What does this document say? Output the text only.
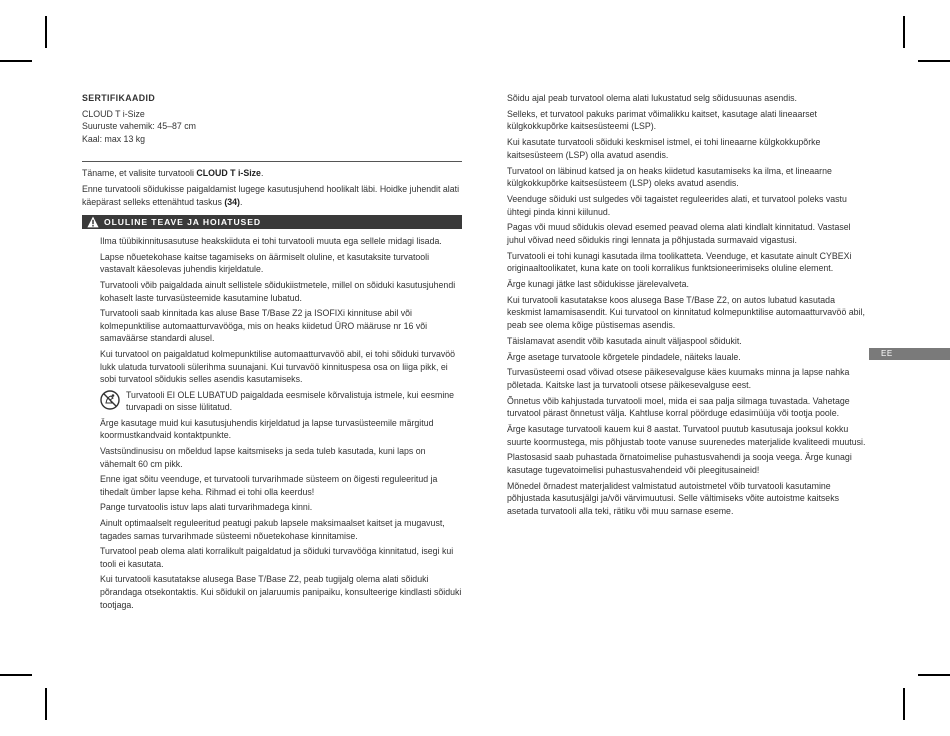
SERTIFIKAADID

CLOUD T i-Size

Suuruste vahemik: 45–87 cm

Kaal: max 13 kg

Täname, et valisite turvatooli CLOUD T i-Size.

Enne turvatooli sõidukisse paigaldamist lugege kasutusjuhend hoolikalt läbi. Hoidke juhendit alati käepärast selleks ettenähtud taskus (34).

OLULINE TEAVE JA HOIATUSED

Ilma tüübikinnitusasutuse heakskiiduta ei tohi turvatooli muuta ega sellele midagi lisada.

Lapse nõuetekohase kaitse tagamiseks on äärmiselt oluline, et kasutaksite turvatooli vastavalt käesolevas juhendis kirjeldatule.

Turvatooli võib paigaldada ainult sellistele sõidukiistmetele, millel on sõiduki kasutusjuhendi kohaselt laste turvasüsteemide kasutamine lubatud.

Turvatooli saab kinnitada kas aluse Base T/Base Z2 ja ISOFIXi kinnituse abil või kolmepunktilise automaatturvavööga, mis on heaks kiidetud ÜRO määruse nr 16 või samaväärse standardi alusel.

Kui turvatool on paigaldatud kolmepunktilise automaatturvavöö abil, ei tohi sõiduki turvavöö lukk ulatuda turvatooli sülerihma suunajani. Kui turvavöö kinnituspesa osa on liiga pikk, ei sobi turvatool sõidukis selles asendis kasutamiseks.

Turvatooli EI OLE LUBATUD paigaldada eesmisele kõrvalistuja istmele, kui eesmine turvapadi on sisse lülitatud.

Ärge kasutage muid kui kasutusjuhendis kirjeldatud ja lapse turvasüsteemile märgitud koormustkandvaid kontaktpunkte.

Vastsündinusisu on mõeldud lapse kaitsmiseks ja seda tuleb kasutada, kuni laps on vähemalt 60 cm pikk.

Enne igat sõitu veenduge, et turvatooli turvarihmade süsteem on õigesti reguleeritud ja tihedalt ümber lapse keha. Rihmad ei tohi olla keerdus!

Pange turvatoolis istuv laps alati turvarihmadega kinni.

Ainult optimaalselt reguleeritud peatugi pakub lapsele maksimaalset kaitset ja mugavust, tagades samas turvarihmade süsteemi nõuetekohase kinnitamise.

Turvatool peab olema alati korralikult paigaldatud ja sõiduki turvavööga kinnitatud, isegi kui tooli ei kasutata.

Kui turvatooli kasutatakse alusega Base T/Base Z2, peab tugijalg olema alati sõiduki põrandaga otsekontaktis. Kui sõidukil on jalaruumis panipaiku, konsulteerige kindlasti sõiduki tootjaga.

Sõidu ajal peab turvatool olema alati lukustatud selg sõidusuunas asendis.

Selleks, et turvatool pakuks parimat võimalikku kaitset, kasutage alati lineaarset külgkokkupõrke kaitsesüsteemi (LSP).

Kui kasutate turvatooli sõiduki keskmisel istmel, ei tohi lineaarne külgkokkupõrke kaitsesüsteem (LSP) olla avatud asendis.

Turvatool on läbinud katsed ja on heaks kiidetud kasutamiseks ka ilma, et lineaarne külgkokkupõrke kaitsesüsteem (LSP) oleks avatud asendis.

Veenduge sõiduki ust sulgedes või tagaistet reguleerides alati, et turvatool poleks vastu ühtegi pinda kinni kiilunud.

Pagas või muud sõidukis olevad esemed peavad olema alati kindlalt kinnitatud. Vastasel juhul võivad need sõidukis ringi lennata ja põhjustada surmavaid vigastusi.

Turvatooli ei tohi kunagi kasutada ilma toolikatteta. Veenduge, et kasutate ainult CYBEXi originaaltoolikatet, kuna kate on tooli korralikus funktsioneerimiseks oluline element.

Ärge kunagi jätke last sõidukisse järelevalveta.

Kui turvatooli kasutatakse koos alusega Base T/Base Z2, on autos lubatud kasutada keskmist lamamisasendit. Kui turvatool on kinnitatud kolmepunktilise automaatturvavöö abil, peab see olema kõige püstisemas asendis.

Täislamavat asendit võib kasutada ainult väljaspool sõidukit.

Ärge asetage turvatoole kõrgetele pindadele, näiteks lauale.

Turvasüsteemi osad võivad otsese päikesevalguse käes kuumaks minna ja lapse nahka põletada. Kaitske last ja turvatooli otsese päikesevalguse eest.

Õnnetus võib kahjustada turvatooli moel, mida ei saa palja silmaga tuvastada. Vahetage turvatool pärast õnnetust välja. Kahtluse korral pöörduge edasimüüja või tootja poole.

Ärge kasutage turvatooli kauem kui 8 aastat. Turvatool puutub kasutusaja jooksul kokku suurte koormustega, mis põhjustab toote vanuse suurenedes materjalide kvaliteedi muutusi.

Plastosasid saab puhastada õrnatoimelise puhastusvahendi ja sooja veega. Ärge kunagi kasutage tugevatoimelisi puhastusvahendeid või pleegitusaineid!

Mõnedel õrnadest materjalidest valmistatud autoistmetel võib turvatooli kasutamine põhjustada kasutusjälgi ja/või värvimuutusi. Selle vältimiseks võite autoistme kaitseks asetada turvatooli alla teki, rätiku või muu sarnase eseme.

EE
